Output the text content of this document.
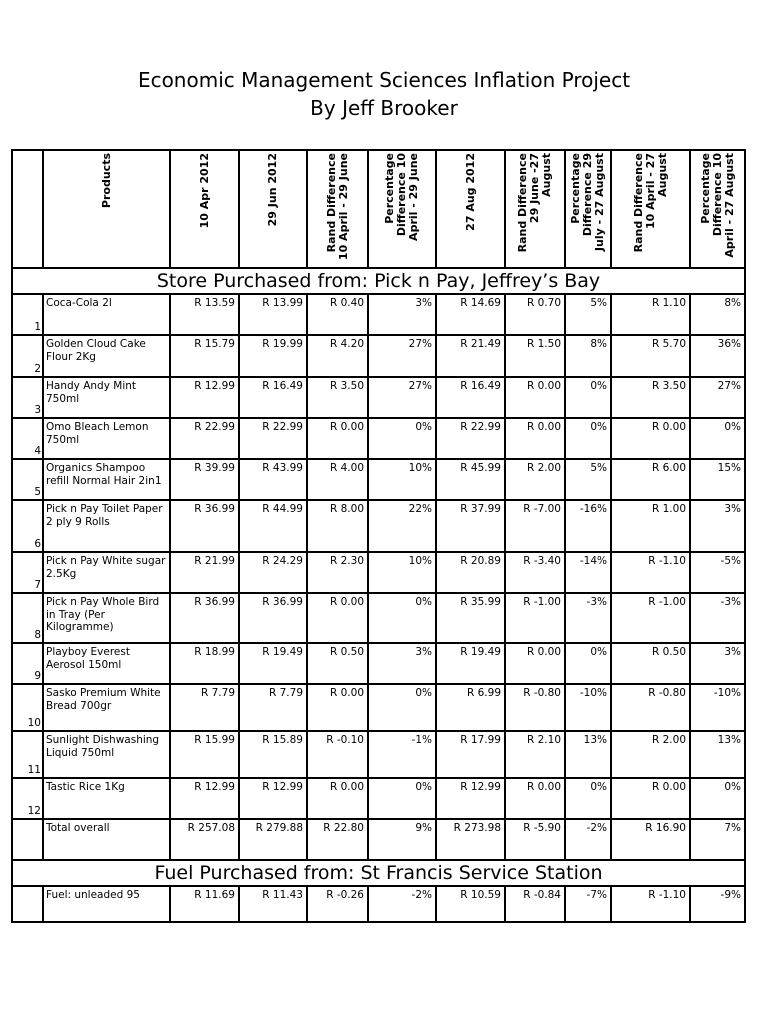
Economic Management Sciences Inflation Project
By Jeff Brooker

	Products	10 Apr 2012	29 Jun 2012	Rand Difference
10 April - 29 June	Percentage
Difference 10
April - 29 June	27 Aug 2012	Rand Difference
29 June -27
August	Percentage
Difference 29
July - 27 August	Rand Difference
10 April - 27
August	Percentage
Difference 10
April - 27 August

Store Purchased from: Pick n Pay, Jeffrey’s Bay										
1	Coca-Cola 2l	R 13.59	R 13.99	R 0.40	3%	R 14.69	R 0.70	5%	R 1.10	8%
2	Golden Cloud Cake Flour 2Kg	R 15.79	R 19.99	R 4.20	27%	R 21.49	R 1.50	8%	R 5.70	36%
3	Handy Andy Mint 750ml	R 12.99	R 16.49	R 3.50	27%	R 16.49	R 0.00	0%	R 3.50	27%
4	Omo Bleach Lemon 750ml	R 22.99	R 22.99	R 0.00	0%	R 22.99	R 0.00	0%	R 0.00	0%
5	Organics Shampoo refill Normal Hair 2in1	R 39.99	R 43.99	R 4.00	10%	R 45.99	R 2.00	5%	R 6.00	15%
6	Pick n Pay Toilet Paper 2 ply 9 Rolls	R 36.99	R 44.99	R 8.00	22%	R 37.99	R -7.00	-16%	R 1.00	3%
7	Pick n Pay White sugar 2.5Kg	R 21.99	R 24.29	R 2.30	10%	R 20.89	R -3.40	-14%	R -1.10	-5%
8	Pick n Pay Whole Bird in Tray (Per Kilogramme)	R 36.99	R 36.99	R 0.00	0%	R 35.99	R -1.00	-3%	R -1.00	-3%
9	Playboy Everest Aerosol 150ml	R 18.99	R 19.49	R 0.50	3%	R 19.49	R 0.00	0%	R 0.50	3%
10	Sasko Premium White Bread 700gr	R 7.79	R 7.79	R 0.00	0%	R 6.99	R -0.80	-10%	R -0.80	-10%
11	Sunlight Dishwashing Liquid 750ml	R 15.99	R 15.89	R -0.10	-1%	R 17.99	R 2.10	13%	R 2.00	13%
12	Tastic Rice 1Kg	R 12.99	R 12.99	R 0.00	0%	R 12.99	R 0.00	0%	R 0.00	0%
	Total overall	R 257.08	R 279.88	R 22.80	9%	R 273.98	R -5.90	-2%	R 16.90	7%
Fuel Purchased from: St Francis Service Station										
	Fuel: unleaded 95	R 11.69	R 11.43	R -0.26	-2%	R 10.59	R -0.84	-7%	R -1.10	-9%
